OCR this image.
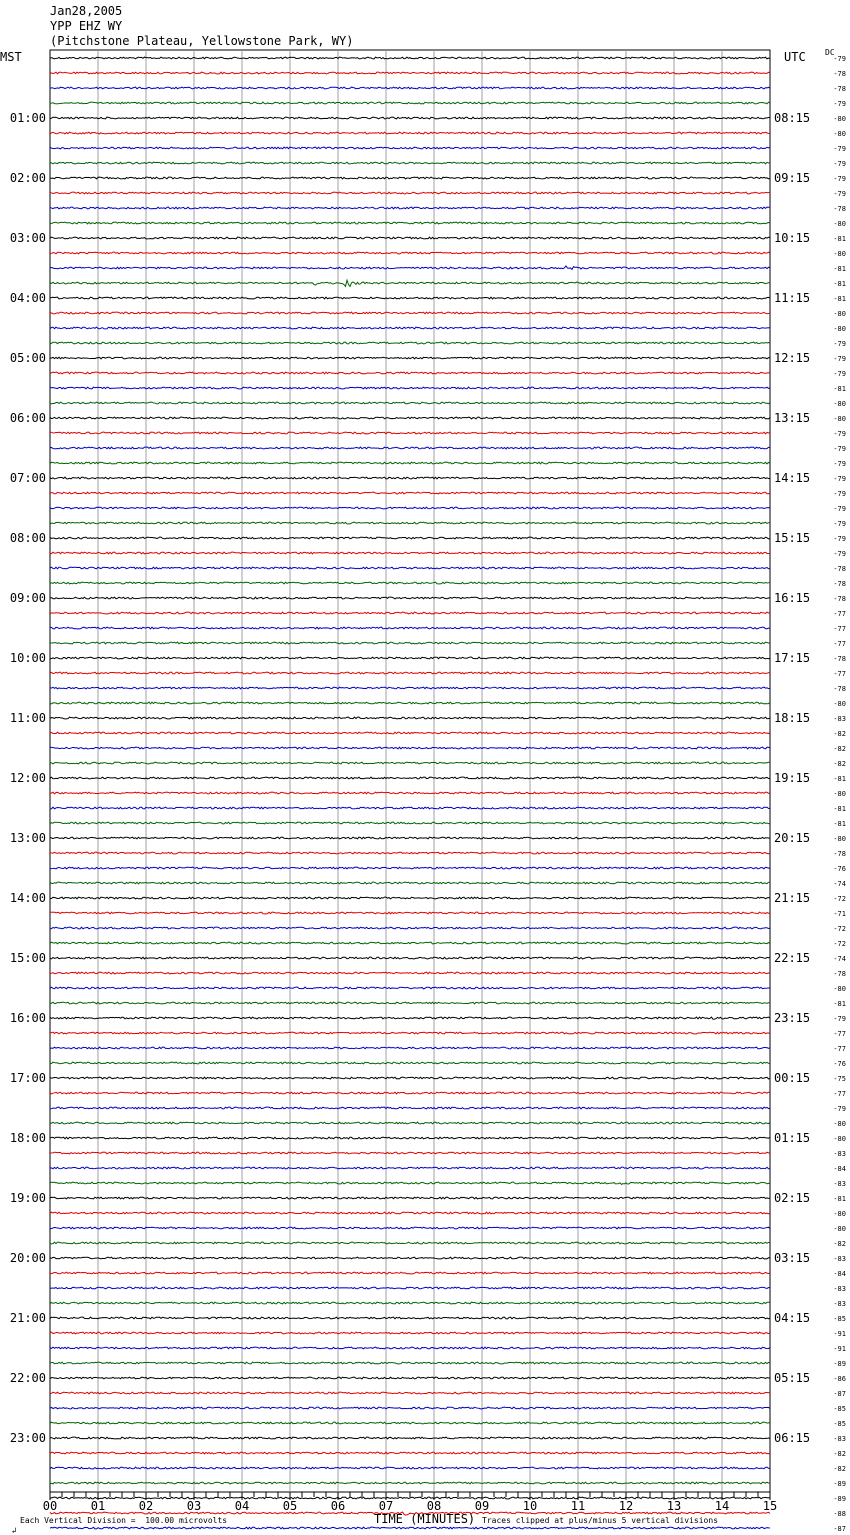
Jan28,2005
YPP EHZ WY
(Pitchstone Plateau, Yellowstone Park, WY)
MST	UTC DC
-79
-78
-78
-79
-80
-80
-79
-79
-79
-79
-78
-80
-81
-80
-81
-81
-81
-80
-80
-79
-79
-79
-81
-80
-80
-79
-79
-79
-79
-79
-79
-79
-79
-79
-78
-78
-78
-77
-77
-77
-78
-77
-78
-80
-83
-82
-82
-82
-81
-80
-81
-81
-80
-78
-76
-74
-72
-71
-72
-72
-74
-78
-80
-81
-79
-77
-77
-76
-75
-77
-79
-80
-80
-83
-84
-83
-81
-80
-80
-82
-83
-84
-83
-83
-85
-91
-91
-89
-86
-87
-85
-85
-83
-82
-82
-89
-89
-88
-87
01:00	08:15
02:00	09:15
03:00	10:15
04:00	11:15
05:00	12:15
06:00	13:15
07:00	14:15
08:00	15:15
09:00	16:15
10:00	17:15
11:00	18:15
12:00	19:15
13:00	20:15
14:00	21:15
15:00	22:15
16:00	23:15
17:00	00:15
18:00	01:15
19:00	02:15
20:00	03:15
21:00	04:15
22:00	05:15
23:00	06:15
00	01	02	03	04	05	06	07	08	09	10	11	12	13	14	15

↲

Each Vertical Division =  100.00 microvolts	TIME (MINUTES) Traces clipped at plus/minus 5 vertical divisions
